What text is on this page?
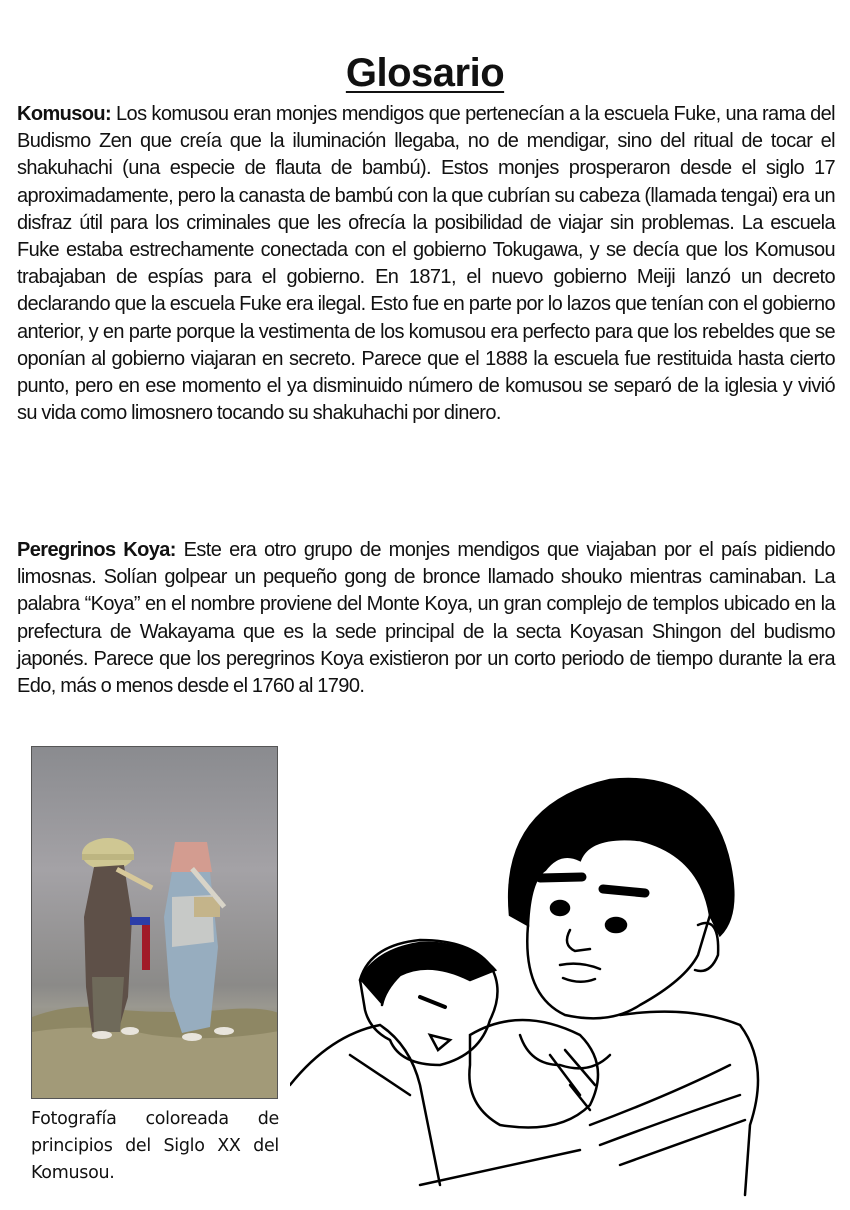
Glosario
Komusou: Los komusou eran monjes mendigos que pertenecían a la escuela Fuke, una rama del Budismo Zen que creía que la iluminación llegaba, no de mendigar, sino del ritual de tocar el shakuhachi (una especie de flauta de bambú). Estos monjes prosperaron desde el siglo 17 aproximadamente, pero la canasta de bambú con la que cubrían su cabeza (llamada tengai) era un disfraz útil para los criminales que les ofrecía la posibilidad de viajar sin problemas. La escuela Fuke estaba estrechamente conectada con el gobierno Tokugawa, y se decía que los Komusou trabajaban de espías para el gobierno. En 1871, el nuevo gobierno Meiji lanzó un decreto declarando que la escuela Fuke era ilegal. Esto fue en parte por lo lazos que tenían con el gobierno anterior, y en parte porque la vestimenta de los komusou era perfecto para que los rebeldes que se oponían al gobierno viajaran en secreto. Parece que el 1888 la escuela fue restituida hasta cierto punto, pero en ese momento el ya disminuido número de komusou se separó de la iglesia y vivió su vida como limosnero tocando su shakuhachi por dinero.
Peregrinos Koya: Este era otro grupo de monjes mendigos que viajaban por el país pidiendo limosnas. Solían golpear un pequeño gong de bronce llamado shouko mientras caminaban. La palabra “Koya” en el nombre proviene del Monte Koya, un gran complejo de templos ubicado en la prefectura de Wakayama que es la sede principal de la secta Koyasan Shingon del budismo japonés. Parece que los peregrinos Koya existieron por un corto periodo de tiempo durante la era Edo, más o menos desde el 1760 al 1790.
Fotografía coloreada de principios del Siglo XX del Komusou.
